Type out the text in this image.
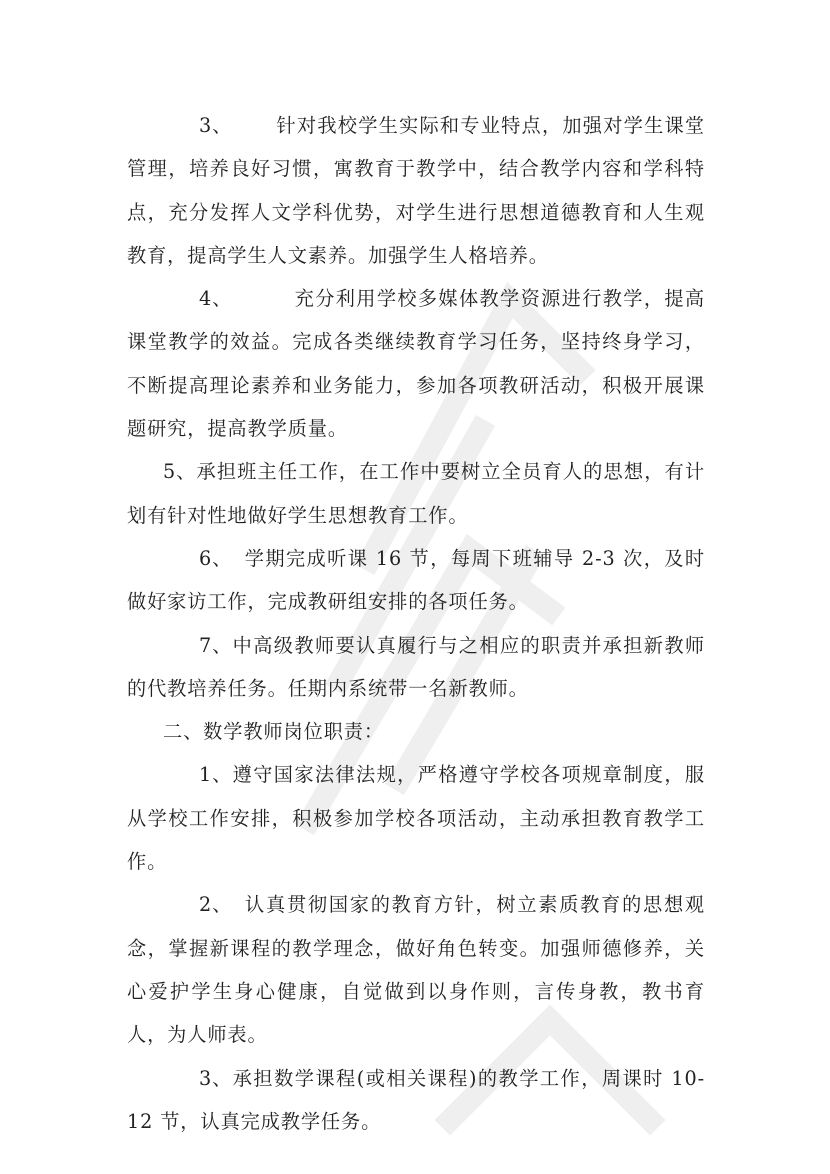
3、 针对我校学生实际和专业特点，加强对学生课堂管理，培养良好习惯，寓教育于教学中，结合教学内容和学科特点，充分发挥人文学科优势，对学生进行思想道德教育和人生观教育，提高学生人文素养。加强学生人格培养。

4、	充分利用学校多媒体教学资源进行教学，提高课堂教学的效益。完成各类继续教育学习任务，坚持终身学习，不断提高理论素养和业务能力，参加各项教研活动，积极开展课题研究，提高教学质量。

5、承担班主任工作，在工作中要树立全员育人的思想，有计划有针对性地做好学生思想教育工作。

6、 学期完成听课 16 节，每周下班辅导 2-3 次，及时做好家访工作，完成教研组安排的各项任务。

7、中高级教师要认真履行与之相应的职责并承担新教师的代教培养任务。任期内系统带一名新教师。

二、数学教师岗位职责：

1、遵守国家法律法规，严格遵守学校各项规章制度，服从学校工作安排，积极参加学校各项活动，主动承担教育教学工作。

2、 认真贯彻国家的教育方针，树立素质教育的思想观念，掌握新课程的教学理念，做好角色转变。加强师德修养，关心爱护学生身心健康，自觉做到以身作则，言传身教，教书育人，为人师表。

3、承担数学课程(或相关课程)的教学工作，周课时 10-12 节，认真完成教学任务。
